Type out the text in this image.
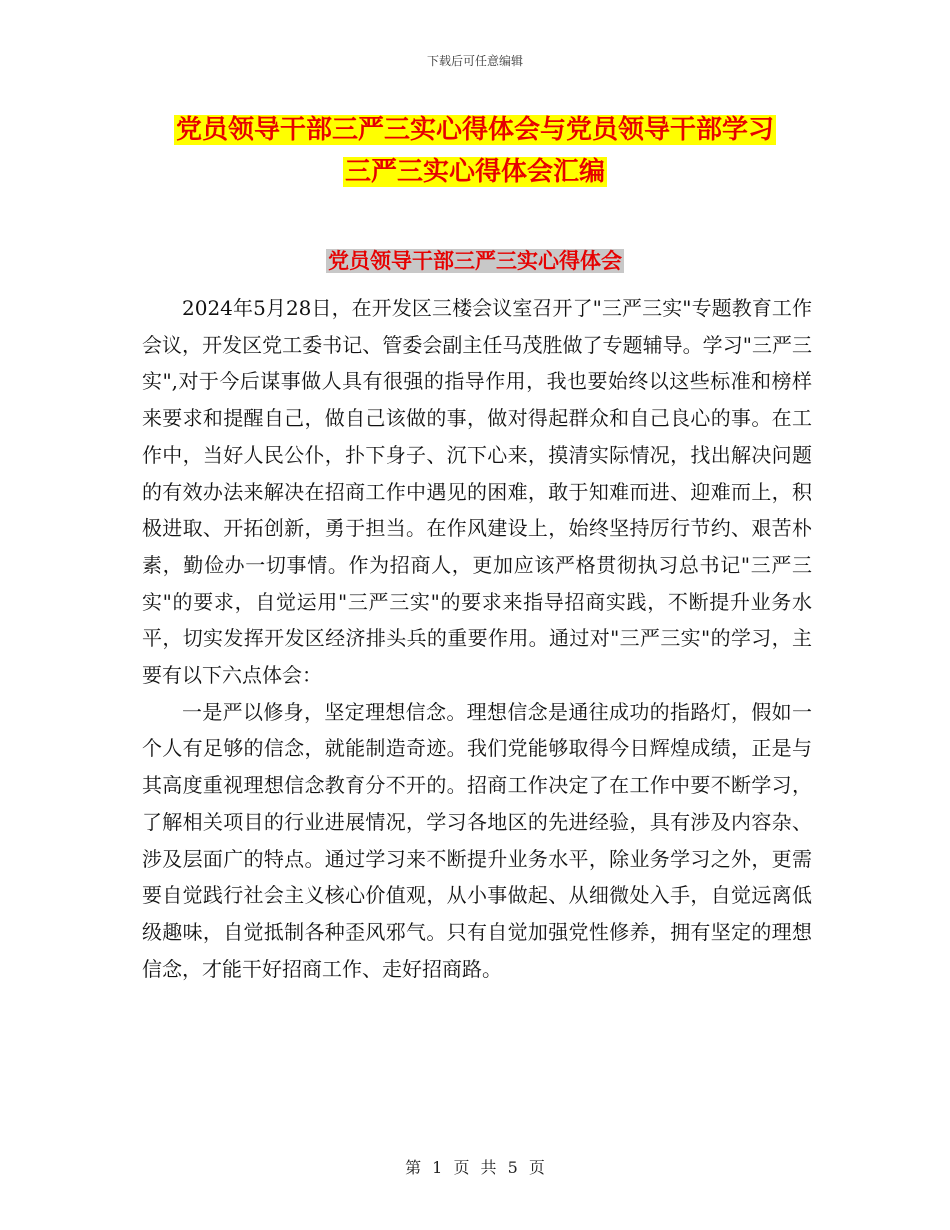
下载后可任意编辑
党员领导干部三严三实心得体会与党员领导干部学习
三严三实心得体会汇编
党员领导干部三严三实心得体会

2024年5月28日，在开发区三楼会议室召开了"三严三实"专题教育工作会议，开发区党工委书记、管委会副主任马茂胜做了专题辅导。学习"三严三实",对于今后谋事做人具有很强的指导作用，我也要始终以这些标准和榜样来要求和提醒自己，做自己该做的事，做对得起群众和自己良心的事。在工作中，当好人民公仆，扑下身子、沉下心来，摸清实际情况，找出解决问题的有效办法来解决在招商工作中遇见的困难，敢于知难而进、迎难而上，积极进取、开拓创新，勇于担当。在作风建设上，始终坚持厉行节约、艰苦朴素，勤俭办一切事情。作为招商人，更加应该严格贯彻执习总书记"三严三实"的要求，自觉运用"三严三实"的要求来指导招商实践，不断提升业务水平，切实发挥开发区经济排头兵的重要作用。通过对"三严三实"的学习，主要有以下六点体会：

一是严以修身，坚定理想信念。理想信念是通往成功的指路灯，假如一个人有足够的信念，就能制造奇迹。我们党能够取得今日辉煌成绩，正是与其高度重视理想信念教育分不开的。招商工作决定了在工作中要不断学习，了解相关项目的行业进展情况，学习各地区的先进经验，具有涉及内容杂、涉及层面广的特点。通过学习来不断提升业务水平，除业务学习之外，更需要自觉践行社会主义核心价值观，从小事做起、从细微处入手，自觉远离低级趣味，自觉抵制各种歪风邪气。只有自觉加强党性修养，拥有坚定的理想信念，才能干好招商工作、走好招商路。

第 1 页 共 5 页
